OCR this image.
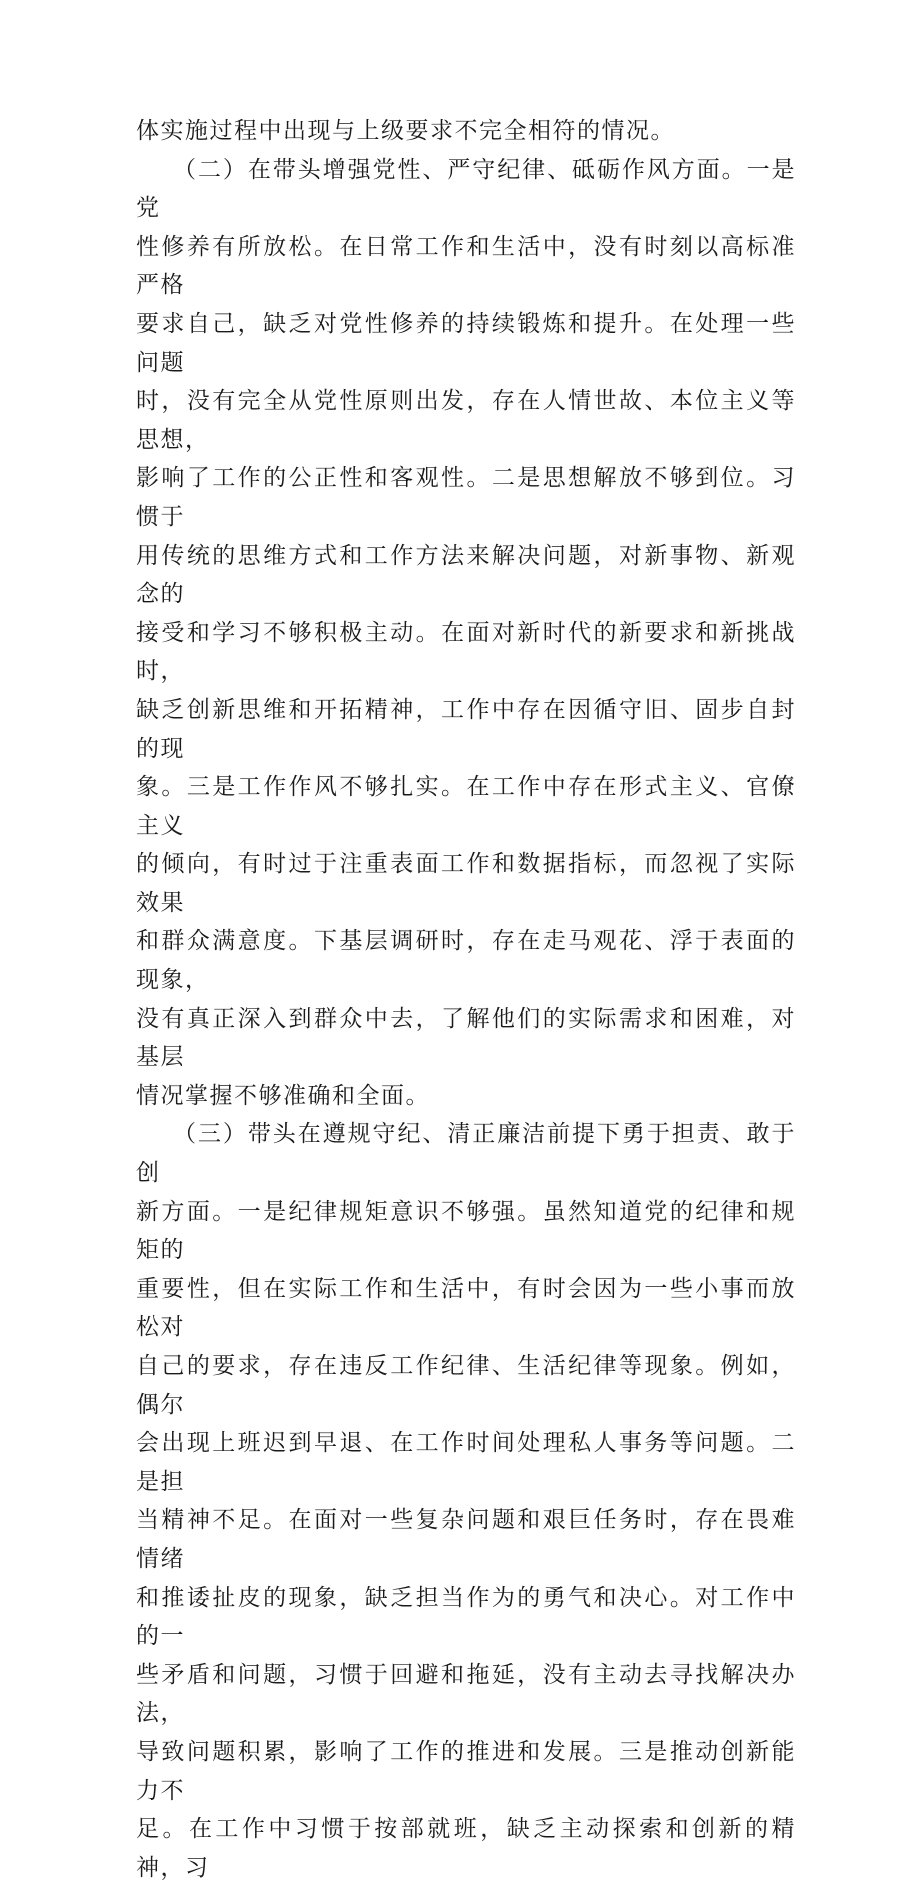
体实施过程中出现与上级要求不完全相符的情况。
（二）在带头增强党性、严守纪律、砥砺作风方面。一是党
性修养有所放松。在日常工作和生活中，没有时刻以高标准严格
要求自己，缺乏对党性修养的持续锻炼和提升。在处理一些问题
时，没有完全从党性原则出发，存在人情世故、本位主义等思想，
影响了工作的公正性和客观性。二是思想解放不够到位。习惯于
用传统的思维方式和工作方法来解决问题，对新事物、新观念的
接受和学习不够积极主动。在面对新时代的新要求和新挑战时，
缺乏创新思维和开拓精神，工作中存在因循守旧、固步自封的现
象。三是工作作风不够扎实。在工作中存在形式主义、官僚主义
的倾向，有时过于注重表面工作和数据指标，而忽视了实际效果
和群众满意度。下基层调研时，存在走马观花、浮于表面的现象，
没有真正深入到群众中去，了解他们的实际需求和困难，对基层
情况掌握不够准确和全面。
（三）带头在遵规守纪、清正廉洁前提下勇于担责、敢于创
新方面。一是纪律规矩意识不够强。虽然知道党的纪律和规矩的
重要性，但在实际工作和生活中，有时会因为一些小事而放松对
自己的要求，存在违反工作纪律、生活纪律等现象。例如，偶尔
会出现上班迟到早退、在工作时间处理私人事务等问题。二是担
当精神不足。在面对一些复杂问题和艰巨任务时，存在畏难情绪
和推诿扯皮的现象，缺乏担当作为的勇气和决心。对工作中的一
些矛盾和问题，习惯于回避和拖延，没有主动去寻找解决办法，
导致问题积累，影响了工作的推进和发展。三是推动创新能力不
足。在工作中习惯于按部就班，缺乏主动探索和创新的精神，习
